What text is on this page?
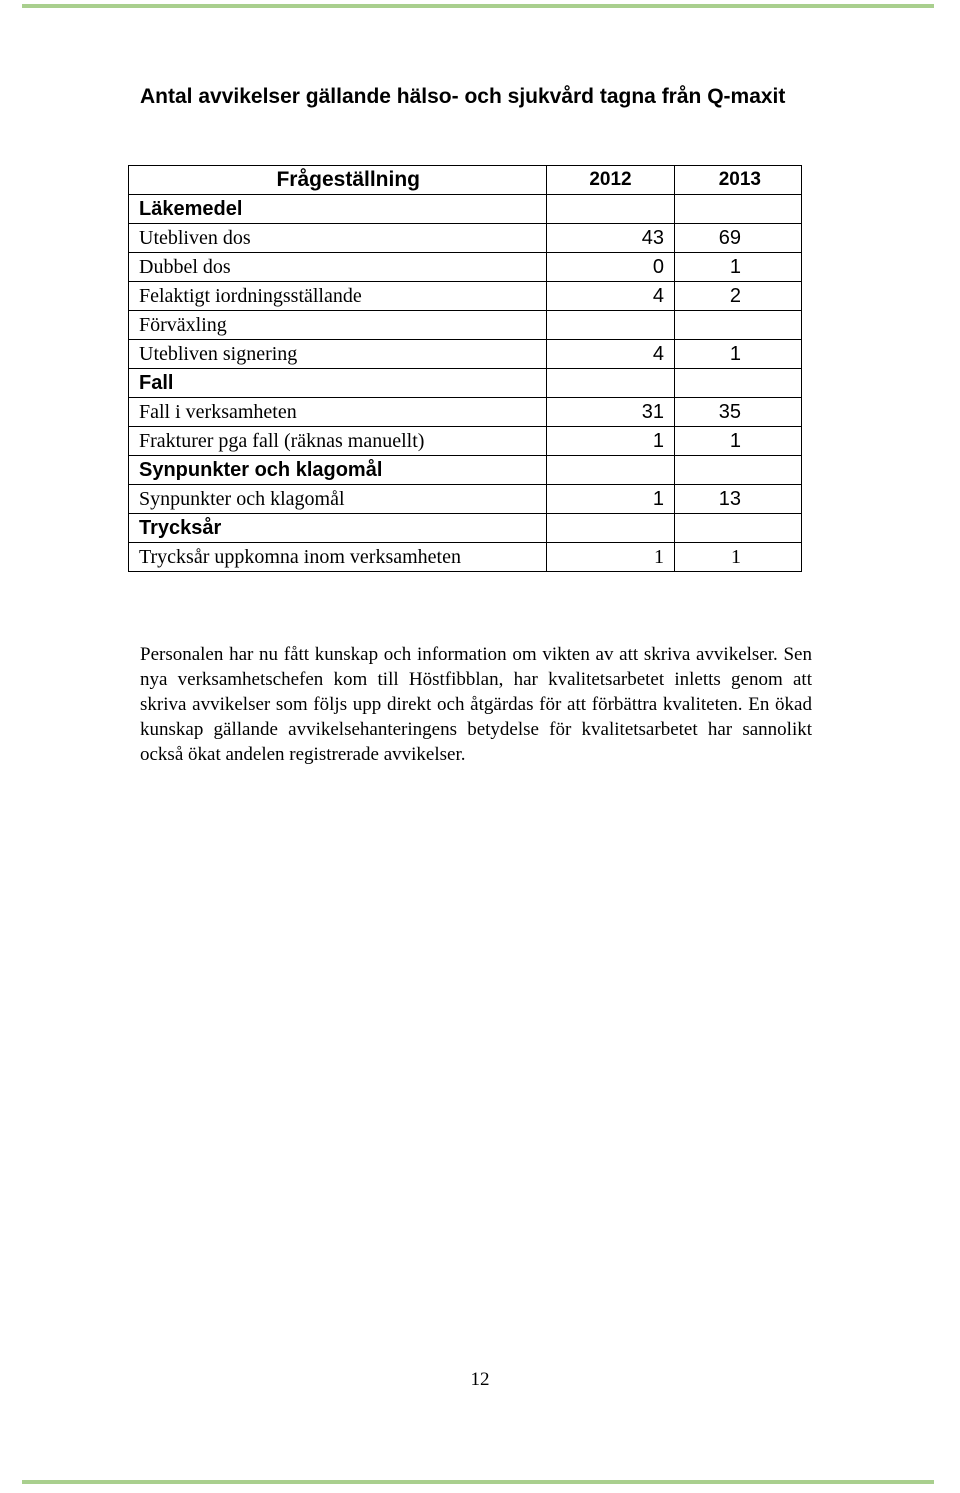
Antal avvikelser gällande hälso- och sjukvård tagna från Q-maxit
Frågeställning	2012	2013
Läkemedel		
Utebliven dos	43	69
Dubbel dos	0	1
Felaktigt iordningsställande	4	2
Förväxling		
Utebliven signering	4	1
Fall		
Fall i verksamheten	31	35
Frakturer pga fall (räknas manuellt)	1	1
Synpunkter och klagomål		
Synpunkter och klagomål	1	13
Trycksår		
Trycksår uppkomna inom verksamheten	1	1

Personalen har nu fått kunskap och information om vikten av att skriva avvikelser. Sen nya verksamhetschefen kom till Höstfibblan, har kvalitetsarbetet inletts genom att skriva avvikelser som följs upp direkt och åtgärdas för att förbättra kvaliteten. En ökad kunskap gällande avvikelsehanteringens betydelse för kvalitetsarbetet har sannolikt också ökat andelen registrerade avvikelser.

12
